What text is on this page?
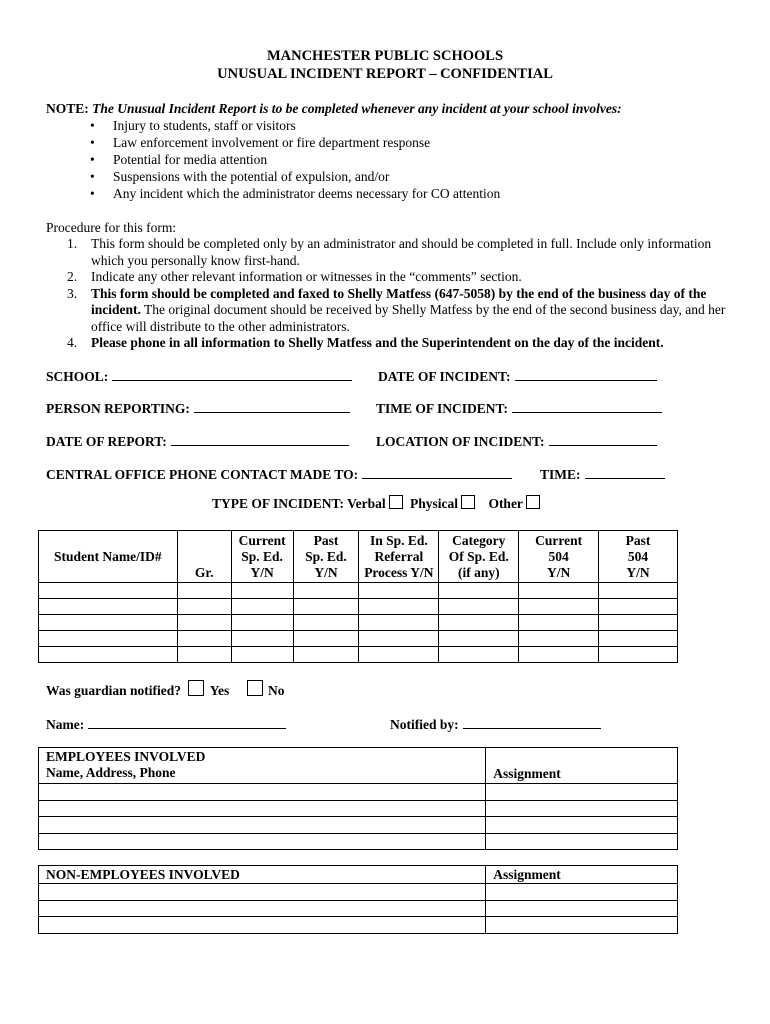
MANCHESTER PUBLIC SCHOOLS
UNUSUAL INCIDENT REPORT – CONFIDENTIAL
NOTE: The Unusual Incident Report is to be completed whenever any incident at your school involves:
• Injury to students, staff or visitors
• Law enforcement involvement or fire department response
• Potential for media attention
• Suspensions with the potential of expulsion, and/or
• Any incident which the administrator deems necessary for CO attention
Procedure for this form:
1. This form should be completed only by an administrator and should be completed in full. Include only information which you personally know first-hand.
2. Indicate any other relevant information or witnesses in the “comments” section.
3. This form should be completed and faxed to Shelly Matfess (647-5058) by the end of the business day of the incident. The original document should be received by Shelly Matfess by the end of the second business day, and her office will distribute to the other administrators.
4. Please phone in all information to Shelly Matfess and the Superintendent on the day of the incident.
SCHOOL:	DATE OF INCIDENT:
PERSON REPORTING:	TIME OF INCIDENT:
DATE OF REPORT:	LOCATION OF INCIDENT:
CENTRAL OFFICE PHONE CONTACT MADE TO:	TIME:
TYPE OF INCIDENT: Verbal Physical Other
Student Name/ID#	Gr.	Current
Sp. Ed.
Y/N	Past
Sp. Ed.
Y/N	In Sp. Ed.
Referral
Process Y/N	Category
Of Sp. Ed.
(if any)	Current
504
Y/N	Past
504
Y/N

Was guardian notified? Yes	No
Name:	Notified by:
EMPLOYEES INVOLVED
Name, Address, Phone	Assignment

NON-EMPLOYEES INVOLVED	Assignment
